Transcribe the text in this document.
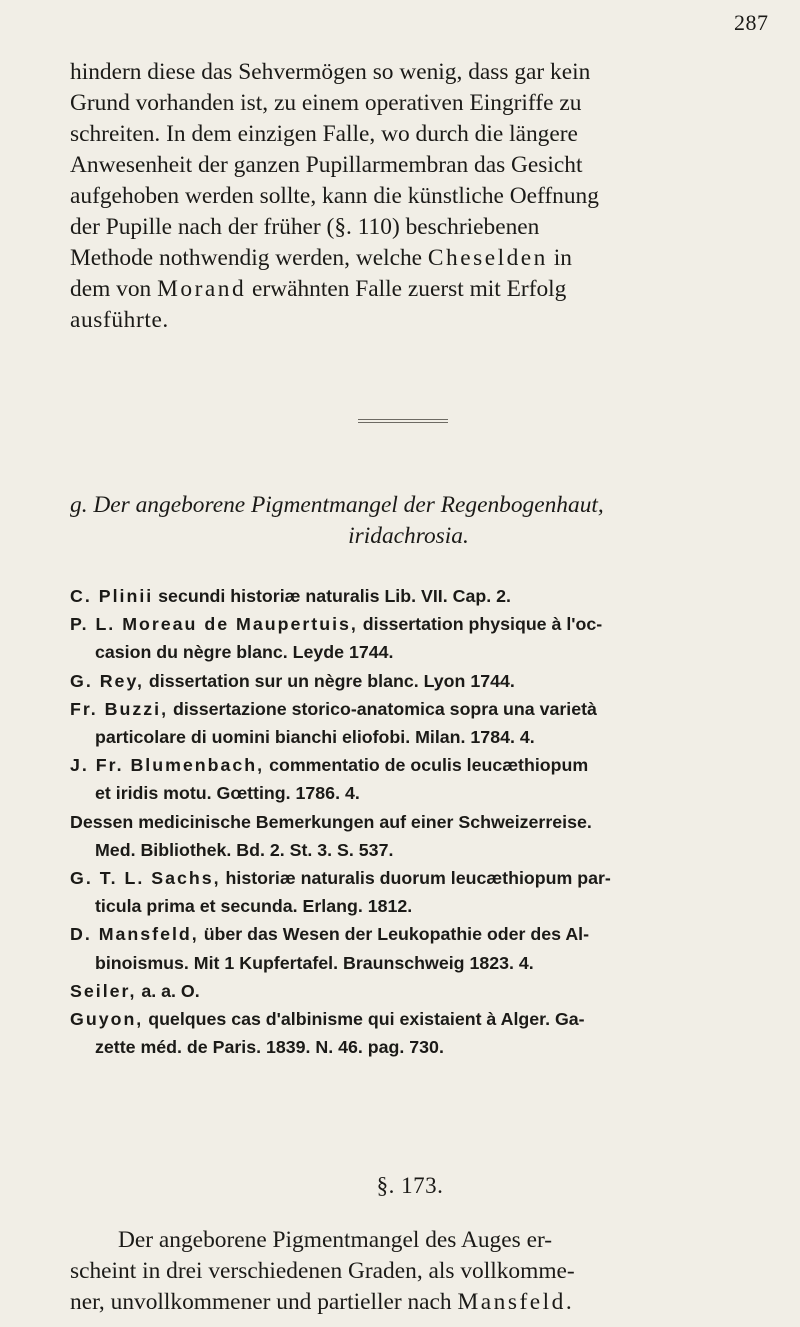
287
hindern diese das Sehvermögen so wenig, dass gar kein
Grund vorhanden ist, zu einem operativen Eingriffe zu
schreiten. In dem einzigen Falle, wo durch die längere
Anwesenheit der ganzen Pupillarmembran das Gesicht
aufgehoben werden sollte, kann die künstliche Oeffnung
der Pupille nach der früher (§. 110) beschriebenen
Methode nothwendig werden, welche Cheselden in
dem von Morand erwähnten Falle zuerst mit Erfolg
ausführte.
g. Der angeborene Pigmentmangel der Regenbogenhaut,
iridachrosia.
C. Plinii secundi historiæ naturalis Lib. VII. Cap. 2.
P. L. Moreau de Maupertuis, dissertation physique à l'oc-
casion du nègre blanc. Leyde 1744.
G. Rey, dissertation sur un nègre blanc. Lyon 1744.
Fr. Buzzi, dissertazione storico-anatomica sopra una varietà
particolare di uomini bianchi eliofobi. Milan. 1784. 4.
J. Fr. Blumenbach, commentatio de oculis leucæthiopum
et iridis motu. Gœtting. 1786. 4.
Dessen medicinische Bemerkungen auf einer Schweizerreise.
Med. Bibliothek. Bd. 2. St. 3. S. 537.
G. T. L. Sachs, historiæ naturalis duorum leucæthiopum par-
ticula prima et secunda. Erlang. 1812.
D. Mansfeld, über das Wesen der Leukopathie oder des Al-
binoismus. Mit 1 Kupfertafel. Braunschweig 1823. 4.
Seiler, a. a. O.
Guyon, quelques cas d'albinisme qui existaient à Alger. Ga-
zette méd. de Paris. 1839. N. 46. pag. 730.
§. 173.
Der angeborene Pigmentmangel des Auges er-
scheint in drei verschiedenen Graden, als vollkomme-
ner, unvollkommener und partieller nach Mansfeld.
